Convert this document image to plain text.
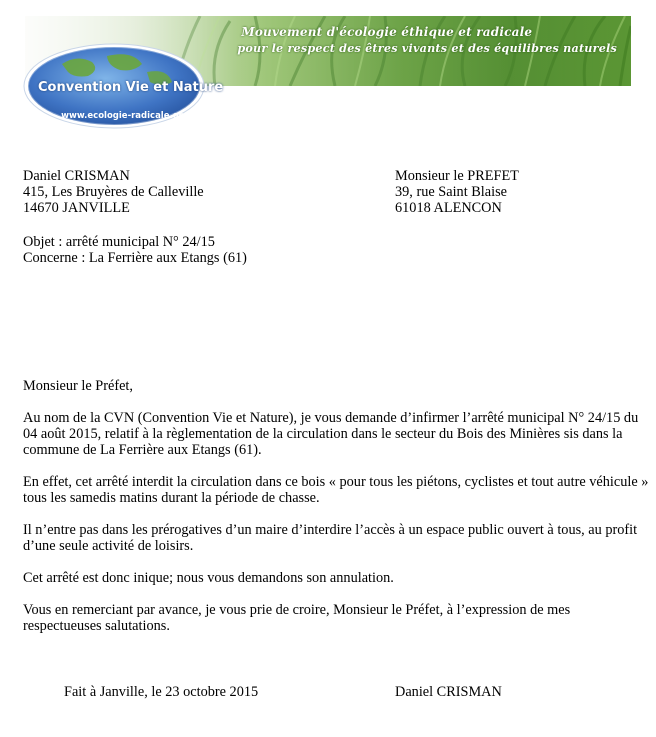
Mouvement d'écologie éthique et radicale
pour le respect des êtres vivants et des équilibres naturels
Convention Vie et Nature
www.ecologie-radicale.org
Daniel CRISMAN
415, Les Bruyères de Calleville
14670 JANVILLE
Monsieur le PREFET
39, rue Saint Blaise
61018 ALENCON
Objet : arrêté municipal N° 24/15
Concerne : La Ferrière aux Etangs (61)

Monsieur le Préfet,

Au nom de la CVN (Convention Vie et Nature), je vous demande d’infirmer l’arrêté municipal N° 24/15 du
04 août 2015, relatif à la règlementation de la circulation dans le secteur du Bois des Minières sis dans la
commune de La Ferrière aux Etangs (61).

En effet, cet arrêté interdit la circulation dans ce bois « pour tous les piétons, cyclistes et tout autre véhicule »
tous les samedis matins durant la période de chasse.

Il n’entre pas dans les prérogatives d’un maire d’interdire l’accès à un espace public ouvert à tous, au profit
d’une seule activité de loisirs.

Cet arrêté est donc inique; nous vous demandons son annulation.

Vous en remerciant par avance, je vous prie de croire, Monsieur le Préfet, à l’expression de mes
respectueuses salutations.

Fait à Janville, le 23 octobre 2015	Daniel CRISMAN
